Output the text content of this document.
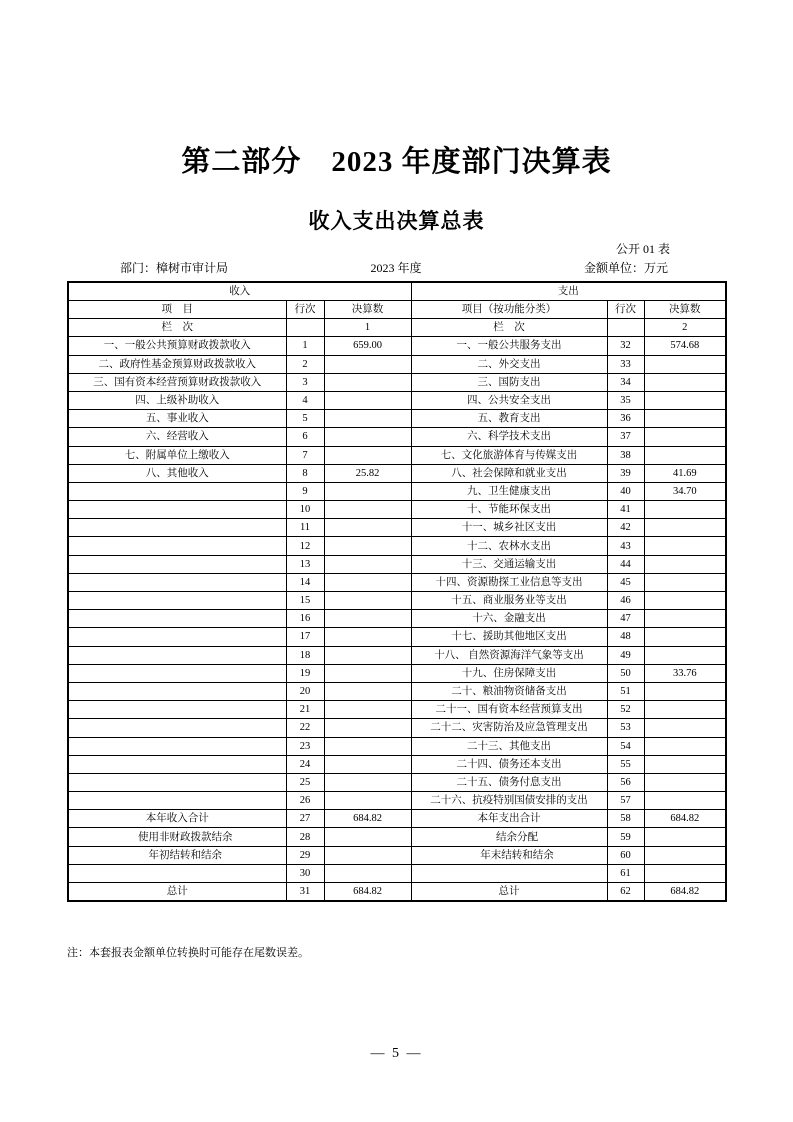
第二部分　2023 年度部门决算表
收入支出决算总表
公开 01 表
部门：樟树市审计局	2023 年度	金额单位：万元
收入			支出		
项　目	行次	决算数	项目（按功能分类）	行次	决算数
栏　次		1	栏　次		2
一、一般公共预算财政拨款收入	1	659.00	一、一般公共服务支出	32	574.68
二、政府性基金预算财政拨款收入	2		二、外交支出	33	
三、国有资本经营预算财政拨款收入	3		三、国防支出	34	
四、上级补助收入	4		四、公共安全支出	35	
五、事业收入	5		五、教育支出	36	
六、经营收入	6		六、科学技术支出	37	
七、附属单位上缴收入	7		七、文化旅游体育与传媒支出	38	
八、其他收入	8	25.82	八、社会保障和就业支出	39	41.69
	9		九、卫生健康支出	40	34.70
	10		十、节能环保支出	41	
	11		十一、城乡社区支出	42	
	12		十二、农林水支出	43	
	13		十三、交通运输支出	44	
	14		十四、资源勘探工业信息等支出	45	
	15		十五、商业服务业等支出	46	
	16		十六、金融支出	47	
	17		十七、援助其他地区支出	48	
	18		十八、 自然资源海洋气象等支出	49	
	19		十九、住房保障支出	50	33.76
	20		二十、粮油物资储备支出	51	
	21		二十一、国有资本经营预算支出	52	
	22		二十二、灾害防治及应急管理支出	53	
	23		二十三、其他支出	54	
	24		二十四、债务还本支出	55	
	25		二十五、债务付息支出	56	
	26		二十六、抗疫特别国债安排的支出	57	
本年收入合计	27	684.82	本年支出合计	58	684.82
使用非财政拨款结余	28		结余分配	59	
年初结转和结余	29		年末结转和结余	60	
	30			61	
总计	31	684.82	总计	62	684.82
注：本套报表金额单位转换时可能存在尾数误差。
— 5 —
